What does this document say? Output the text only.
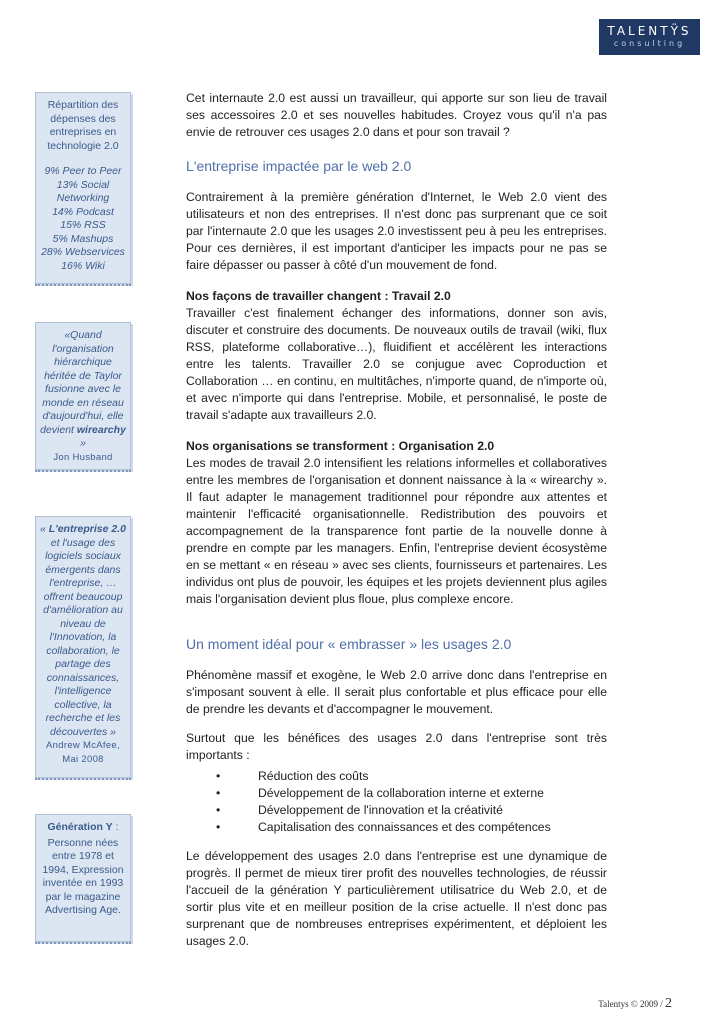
TALENTŸS
consulting

Répartition des dépenses des entreprises en technologie 2.0

9% Peer to Peer

13% Social Networking

14% Podcast

15% RSS

5% Mashups

28% Webservices

16% Wiki

«Quand l'organisation hiérarchique héritée de Taylor fusionne avec le monde en réseau d'aujourd'hui, elle devient wirearchy »

Jon Husband

« L'entreprise 2.0 et l'usage des logiciels sociaux émergents dans l'entreprise, … offrent beaucoup d'amélioration au niveau de l'Innovation, la collaboration, le partage des connaissances, l'intelligence collective, la recherche et les découvertes »

Andrew McAfee, Mai 2008

Génération Y :

Personne nées entre 1978 et 1994, Expression inventée en 1993 par le magazine Advertising Age.

Cet internaute 2.0 est aussi un travailleur, qui apporte sur son lieu de travail ses accessoires 2.0 et ses nouvelles habitudes. Croyez vous qu'il n'a pas envie de retrouver ces usages 2.0 dans et pour son travail ?

L'entreprise impactée par le web 2.0

Contrairement à la première génération d'Internet, le Web 2.0 vient des utilisateurs et non des entreprises. Il n'est donc pas surprenant que ce soit par l'internaute 2.0 que les usages 2.0 investissent peu à peu les entreprises. Pour ces dernières, il est important d'anticiper les impacts pour ne pas se faire dépasser ou passer à côté d'un mouvement de fond.

Nos façons de travailler changent : Travail 2.0

Travailler c'est finalement échanger des informations, donner son avis, discuter et construire des documents. De nouveaux outils de travail (wiki, flux RSS, plateforme collaborative…), fluidifient et accélèrent les interactions entre les talents. Travailler 2.0 se conjugue avec Coproduction et Collaboration … en continu, en multitâches, n'importe quand, de n'importe où, et avec n'importe qui dans l'entreprise. Mobile, et personnalisé, le poste de travail s'adapte aux travailleurs 2.0.

Nos organisations se transforment : Organisation 2.0

Les modes de travail 2.0 intensifient les relations informelles et collaboratives entre les membres de l'organisation et donnent naissance à la « wirearchy ». Il faut adapter le management traditionnel pour répondre aux attentes et maintenir l'efficacité organisationnelle. Redistribution des pouvoirs et accompagnement de la transparence font partie de la nouvelle donne à prendre en compte par les managers. Enfin, l'entreprise devient écosystème en se mettant « en réseau » avec ses clients, fournisseurs et partenaires. Les individus ont plus de pouvoir, les équipes et les projets deviennent plus agiles mais l'organisation devient plus floue, plus complexe encore.

Un moment idéal pour « embrasser » les usages 2.0

Phénomène massif et exogène, le Web 2.0 arrive donc dans l'entreprise en s'imposant souvent à elle. Il serait plus confortable et plus efficace pour elle de prendre les devants et d'accompagner le mouvement.

Surtout que les bénéfices des usages 2.0 dans l'entreprise sont très importants :

•	Réduction des coûts
•	Développement de la collaboration interne et externe
•	Développement de l'innovation et la créativité
•	Capitalisation des connaissances et des compétences

Le développement des usages 2.0 dans l'entreprise est une dynamique de progrès. Il permet de mieux tirer profit des nouvelles technologies, de réussir l'accueil de la génération Y particulièrement utilisatrice du Web 2.0, et de sortir plus vite et en meilleur position de la crise actuelle. Il n'est donc pas surprenant que de nombreuses entreprises expérimentent, et déploient les usages 2.0.

Talentys © 2009 / 2
